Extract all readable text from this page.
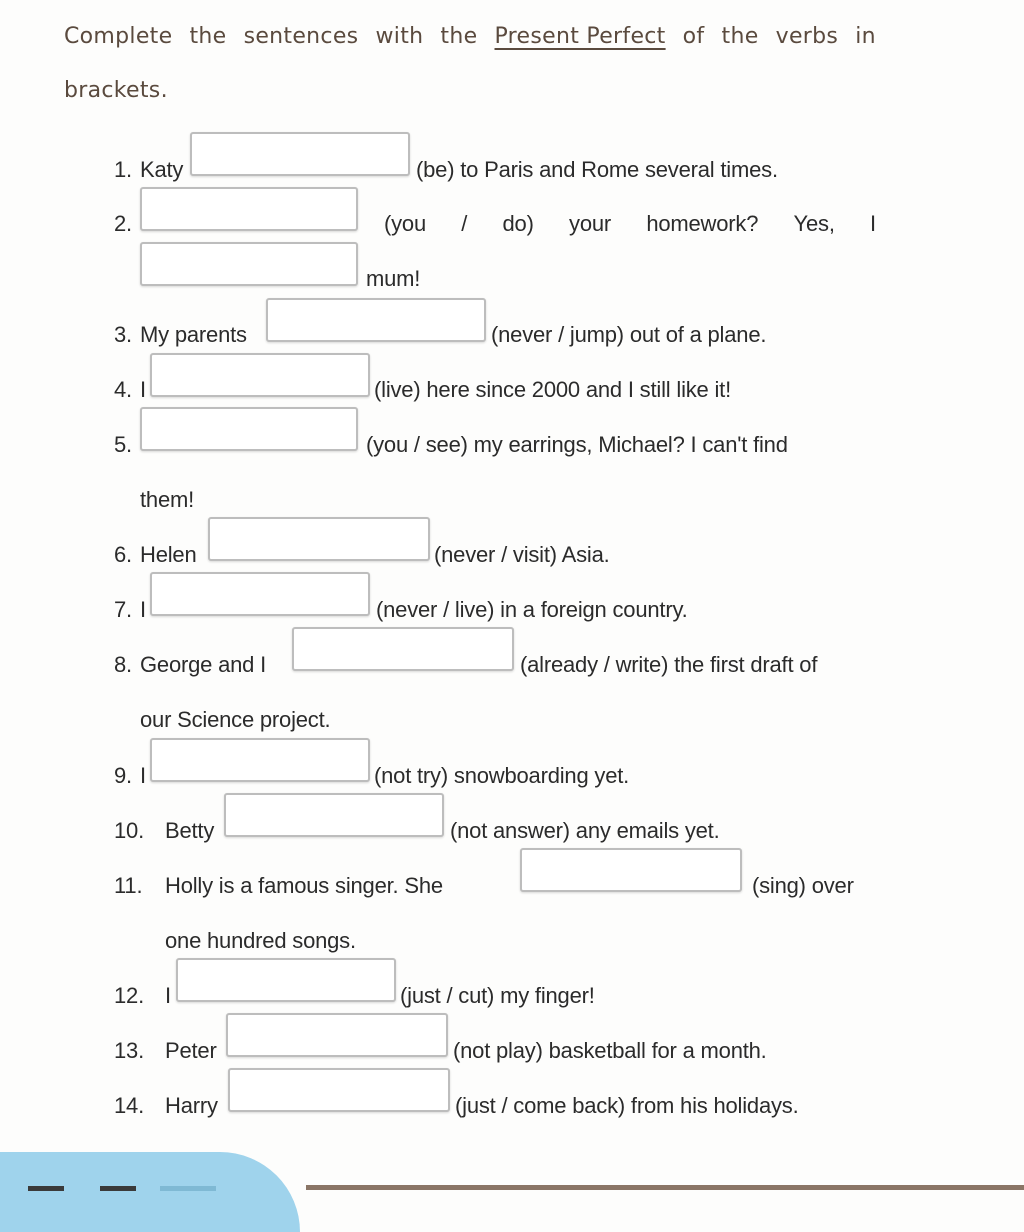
Complete the sentences with the Present Perfect of the verbs in
brackets.
1. Katy	(be) to Paris and Rome several times.
2.	(you / do) your homework? Yes, I
mum!
3. My parents	(never / jump) out of a plane.
4. I	(live) here since 2000 and I still like it!
5.	(you / see) my earrings, Michael? I can't find
them!
6. Helen	(never / visit) Asia.
7. I	(never / live) in a foreign country.
8. George and I	(already / write) the first draft of
our Science project.
9. I	(not try) snowboarding yet.
10. Betty	(not answer) any emails yet.
11. Holly is a famous singer. She	(sing) over
one hundred songs.
12. I	(just / cut) my finger!
13. Peter	(not play) basketball for a month.
14. Harry	(just / come back) from his holidays.
